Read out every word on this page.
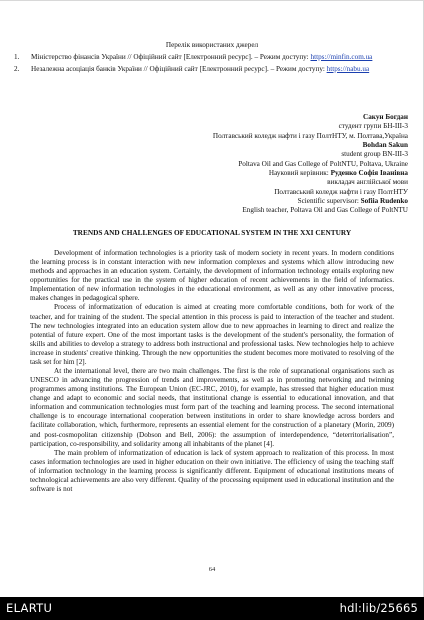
Перелік використаних джерел
1.	Міністерство фінансів України // Офіційний сайт [Електронний ресурс]. – Режим доступу: https://minfin.com.ua
2.	Незалежна асоціація банків України // Офіційний сайт [Електронний ресурс]. – Режим доступу: https://nabu.ua
Сакун Богдан
студент групи БН-ІІІ-3
Полтавський коледж нафти і газу ПолтНТУ, м. Полтава,Україна
Bohdan Sakun
student group BN-III-3
Poltava Oil and Gas College of PoltNTU, Poltava, Ukraine
Науковий керівник: Руденко Софія Іванівна
викладач англійської мови
Полтавський коледж нафти і газу ПолтНТУ
Scientific supervisor: Sofiia Rudenko
English teacher, Poltava Oil and Gas College of PoltNTU
TRENDS AND CHALLENGES OF EDUCATIONAL SYSTEM IN THE XXI CENTURY

Development of information technologies is a priority task of modern society in recent years. In modern conditions the learning process is in constant interaction with new information complexes and systems which allow introducing new methods and approaches in an education system. Certainly, the development of information technology entails exploring new opportunities for the practical use in the system of higher education of recent achievements in the field of informatics. Implementation of new information technologies in the educational environment, as well as any other innovative process, makes changes in pedagogical sphere.

Process of informatization of education is aimed at creating more comfortable conditions, both for work of the teacher, and for training of the student. The special attention in this process is paid to interaction of the teacher and student. The new technologies integrated into an education system allow due to new approaches in learning to direct and realize the potential of future expert. One of the most important tasks is the development of the student's personality, the formation of skills and abilities to develop a strategy to address both instructional and professional tasks. New technologies help to achieve increase in students' creative thinking. Through the new opportunities the student becomes more motivated to resolving of the task set for him [2].

At the international level, there are two main challenges. The first is the role of supranational organisations such as UNESCO in advancing the progression of trends and improvements, as well as in promoting networking and twinning programmes among institutions. The European Union (EC-JRC, 2010), for example, has stressed that higher education must change and adapt to economic and social needs, that institutional change is essential to educational innovation, and that information and communication technologies must form part of the teaching and learning process. The second international challenge is to encourage international cooperation between institutions in order to share knowledge across borders and facilitate collaboration, which, furthermore, represents an essential element for the construction of a planetary (Morin, 2009) and post-cosmopolitan citizenship (Dobson and Bell, 2006): the assumption of interdependence, “deterritorialisation”, participation, co-responsibility, and solidarity among all inhabitants of the planet [4].

The main problem of informatization of education is lack of system approach to realization of this process. In most cases information technologies are used in higher education on their own initiative. The efficiency of using the teaching staff of information technology in the learning process is significantly different. Equipment of educational institutions means of technological achievements are also very different. Quality of the processing equipment used in educational institution and the software is not

64
ELARTU	hdl:lib/25665
